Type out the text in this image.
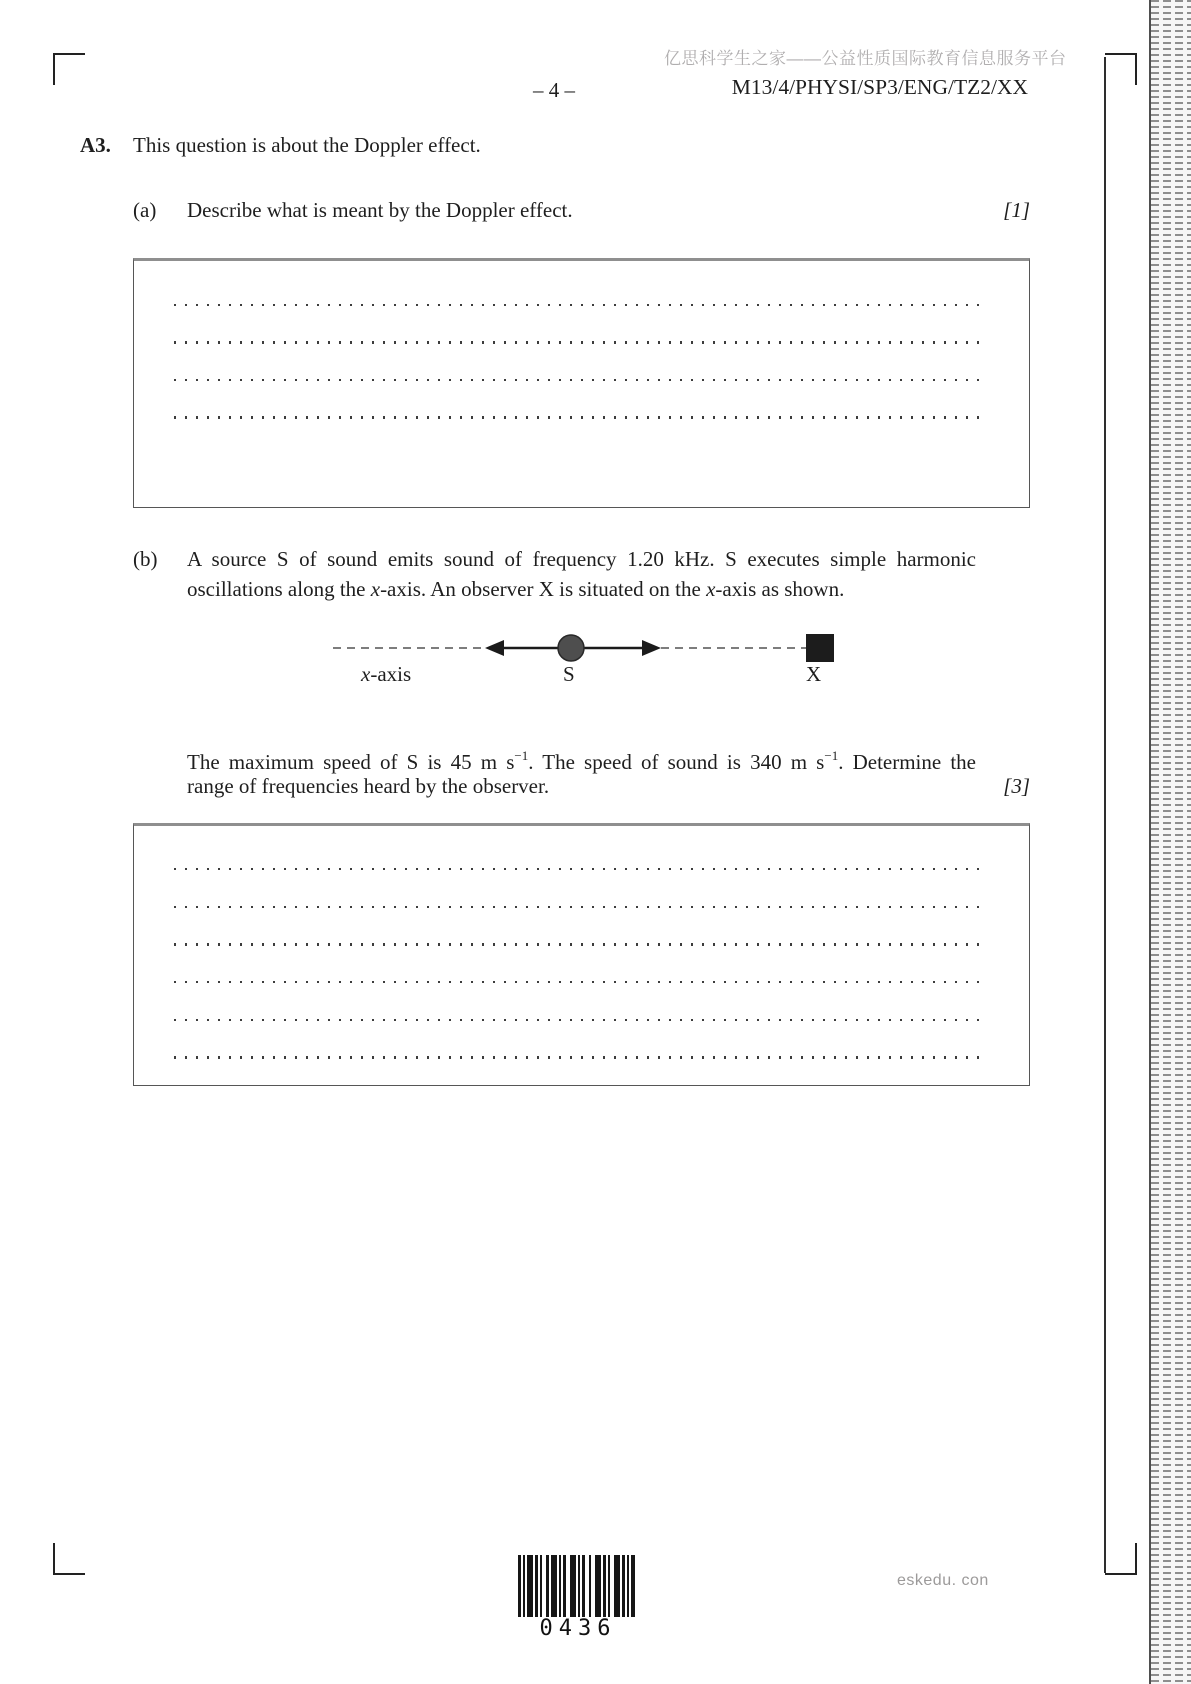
亿思科学生之家——公益性质国际教育信息服务平台
– 4 –	M13/4/PHYSI/SP3/ENG/TZ2/XX
A3. This question is about the Doppler effect.
(a) Describe what is meant by the Doppler effect.	[1]
(b) A source S of sound emits sound of frequency 1.20 kHz. S executes simple harmonic
oscillations along the x-axis. An observer X is situated on the x-axis as shown.
x-axis	S	X
The maximum speed of S is 45 m $s^{-1}$. The speed of sound is 340 m $s^{-1}$. Determine the
range of frequencies heard by the observer.	[3]
0436
eskedu. con
